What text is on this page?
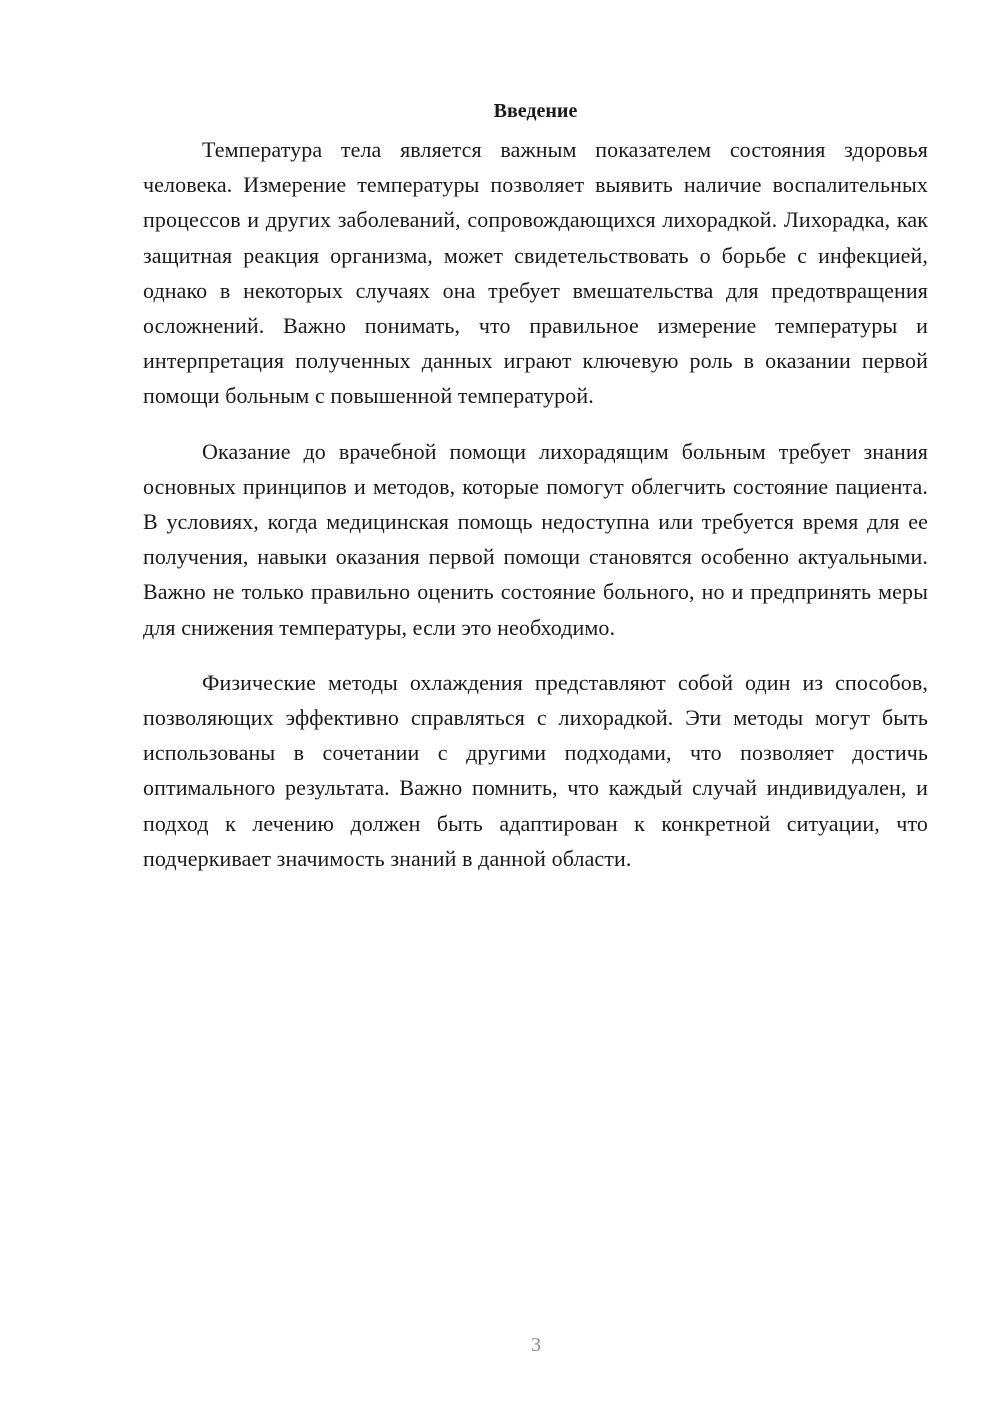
Введение

Температура тела является важным показателем состояния здоровья человека. Измерение температуры позволяет выявить наличие воспалительных процессов и других заболеваний, сопровождающихся лихорадкой. Лихорадка, как защитная реакция организма, может свидетельствовать о борьбе с инфекцией, однако в некоторых случаях она требует вмешательства для предотвращения осложнений. Важно понимать, что правильное измерение температуры и интерпретация полученных данных играют ключевую роль в оказании первой помощи больным с повышенной температурой.

Оказание до врачебной помощи лихорадящим больным требует знания основных принципов и методов, которые помогут облегчить состояние пациента. В условиях, когда медицинская помощь недоступна или требуется время для ее получения, навыки оказания первой помощи становятся особенно актуальными. Важно не только правильно оценить состояние больного, но и предпринять меры для снижения температуры, если это необходимо.

Физические методы охлаждения представляют собой один из способов, позволяющих эффективно справляться с лихорадкой. Эти методы могут быть использованы в сочетании с другими подходами, что позволяет достичь оптимального результата. Важно помнить, что каждый случай индивидуален, и подход к лечению должен быть адаптирован к конкретной ситуации, что подчеркивает значимость знаний в данной области.

3
